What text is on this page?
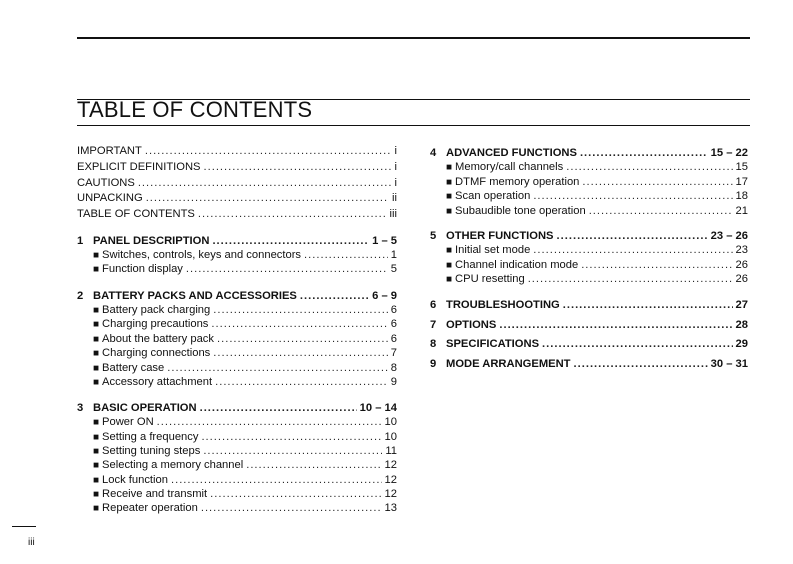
TABLE OF CONTENTS
IMPORTANT .....	i
EXPLICIT DEFINITIONS .....	i
CAUTIONS .....	i
UNPACKING .....	ii
TABLE OF CONTENTS .....	iii
1 PANEL DESCRIPTION .....	1 – 5
■ Switches, controls, keys and connectors .....	1
■ Function display .....	5
2 BATTERY PACKS AND ACCESSORIES .....	6 – 9
■ Battery pack charging .....	6
■ Charging precautions .....	6
■ About the battery pack .....	6
■ Charging connections .....	7
■ Battery case .....	8
■ Accessory attachment .....	9
3 BASIC OPERATION .....	10 – 14
■ Power ON .....	10
■ Setting a frequency .....	10
■ Setting tuning steps .....	11
■ Selecting a memory channel .....	12
■ Lock function .....	12
■ Receive and transmit .....	12
■ Repeater operation .....	13
4 ADVANCED FUNCTIONS .....	15 – 22
■ Memory/call channels .....	15
■ DTMF memory operation .....	17
■ Scan operation .....	18
■ Subaudible tone operation .....	21
5 OTHER FUNCTIONS .....	23 – 26
■ Initial set mode .....	23
■ Channel indication mode .....	26
■ CPU resetting .....	26
6 TROUBLESHOOTING .....	27
7 OPTIONS .....	28
8 SPECIFICATIONS .....	29
9 MODE ARRANGEMENT .....	30 – 31
iii
